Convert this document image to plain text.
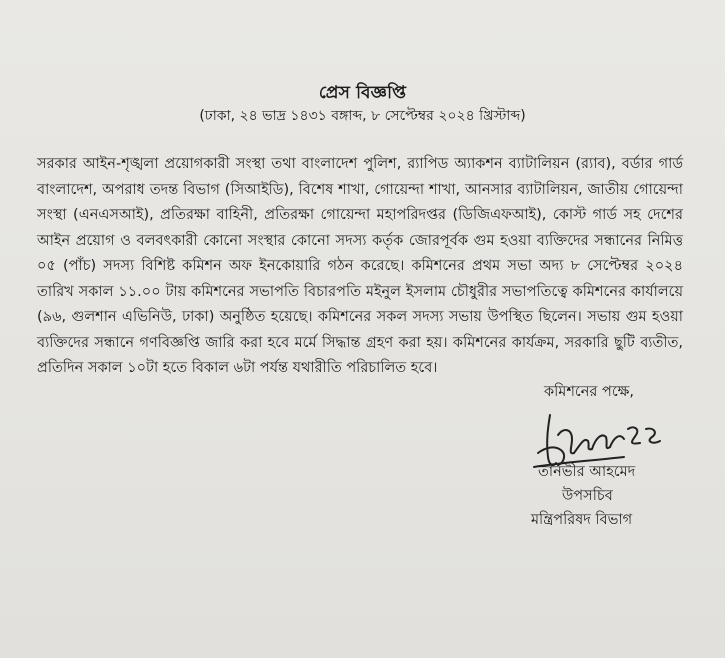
প্রেস বিজ্ঞপ্তি
(ঢাকা, ২৪ ভাদ্র ১৪৩১ বঙ্গাব্দ, ৮ সেপ্টেম্বর ২০২৪ খ্রিস্টাব্দ)
সরকার আইন-শৃঙ্খলা প্রয়োগকারী সংস্থা তথা বাংলাদেশ পুলিশ, র‍্যাপিড অ্যাকশন ব্যাটালিয়ন (র‍্যাব), বর্ডার গার্ড বাংলাদেশ, অপরাধ তদন্ত বিভাগ (সিআইডি), বিশেষ শাখা, গোয়েন্দা শাখা, আনসার ব্যাটালিয়ন, জাতীয় গোয়েন্দা সংস্থা (এনএসআই), প্রতিরক্ষা বাহিনী, প্রতিরক্ষা গোয়েন্দা মহাপরিদপ্তর (ডিজিএফআই), কোস্ট গার্ড সহ দেশের আইন প্রয়োগ ও বলবৎকারী কোনো সংস্থার কোনো সদস্য কর্তৃক জোরপূর্বক গুম হওয়া ব্যক্তিদের সন্ধানের নিমিত্ত ০৫ (পাঁচ) সদস্য বিশিষ্ট কমিশন অফ ইনকোয়ারি গঠন করেছে। কমিশনের প্রথম সভা অদ্য ৮ সেপ্টেম্বর ২০২৪ তারিখ সকাল ১১.০০ টায় কমিশনের সভাপতি বিচারপতি মইনুল ইসলাম চৌধুরীর সভাপতিত্বে কমিশনের কার্যালয়ে (৯৬, গুলশান এভিনিউ, ঢাকা) অনুষ্ঠিত হয়েছে। কমিশনের সকল সদস্য সভায় উপস্থিত ছিলেন। সভায় গুম হওয়া ব্যক্তিদের সন্ধানে গণবিজ্ঞপ্তি জারি করা হবে মর্মে সিদ্ধান্ত গ্রহণ করা হয়। কমিশনের কার্যক্রম, সরকারি ছুটি ব্যতীত, প্রতিদিন সকাল ১০টা হতে বিকাল ৬টা পর্যন্ত যথারীতি পরিচালিত হবে।
কমিশনের পক্ষে,
তানভীর আহমেদ
উপসচিব
মন্ত্রিপরিষদ বিভাগ
